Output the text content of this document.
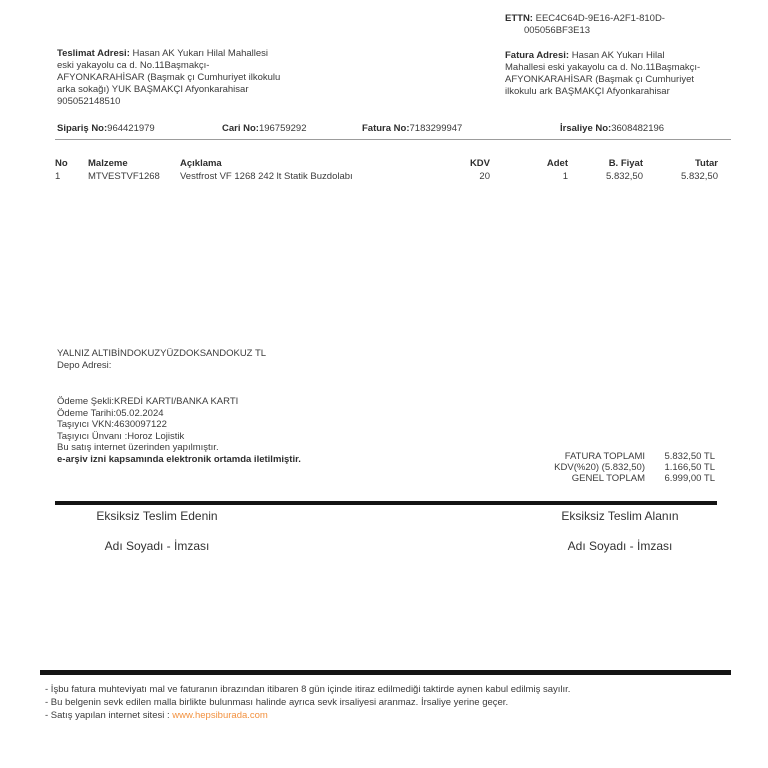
ETTN: EEC4C64D-9E16-A2F1-810D-
005056BF3E13
Teslimat Adresi: Hasan AK Yukarı Hilal Mahallesi
eski yakayolu ca d. No.11Başmakçı-
AFYONKARAHİSAR (Başmak çı Cumhuriyet ilkokulu
arka sokağı) YUK BAŞMAKÇI Afyonkarahisar
905052148510
Fatura Adresi: Hasan AK Yukarı Hilal
Mahallesi eski yakayolu ca d. No.11Başmakçı-
AFYONKARAHİSAR (Başmak çı Cumhuriyet
ilkokulu ark BAŞMAKÇI Afyonkarahisar
Sipariş No:964421979	Cari No:196759292	Fatura No:7183299947	İrsaliye No:3608482196
No	Malzeme	Açıklama	KDV	Adet	B. Fiyat	Tutar
1	MTVESTVF1268	Vestfrost VF 1268 242 lt Statik Buzdolabı	20	1	5.832,50	5.832,50
YALNIZ ALTIBİNDOKUZYÜZDOKSANDOKUZ TL
Depo Adresi:
Ödeme Şekli:KREDİ KARTI/BANKA KARTI
Ödeme Tarihi:05.02.2024
Taşıyıcı VKN:4630097122
Taşıyıcı Ünvanı :Horoz Lojistik
Bu satış internet üzerinden yapılmıştır.
e-arşiv izni kapsamında elektronik ortamda iletilmiştir.	FATURA TOPLAMI	5.832,50 TL
KDV(%20) (5.832,50)	1.166,50 TL
GENEL TOPLAM	6.999,00 TL
Eksiksiz Teslim Edenin
Adı Soyadı - İmzası
Eksiksiz Teslim Alanın
Adı Soyadı - İmzası
- İşbu fatura muhteviyatı mal ve faturanın ibrazından itibaren 8 gün içinde itiraz edilmediği taktirde aynen kabul edilmiş sayılır.
- Bu belgenin sevk edilen malla birlikte bulunması halinde ayrıca sevk irsaliyesi aranmaz. İrsaliye yerine geçer.
- Satış yapılan internet sitesi : www.hepsiburada.com
